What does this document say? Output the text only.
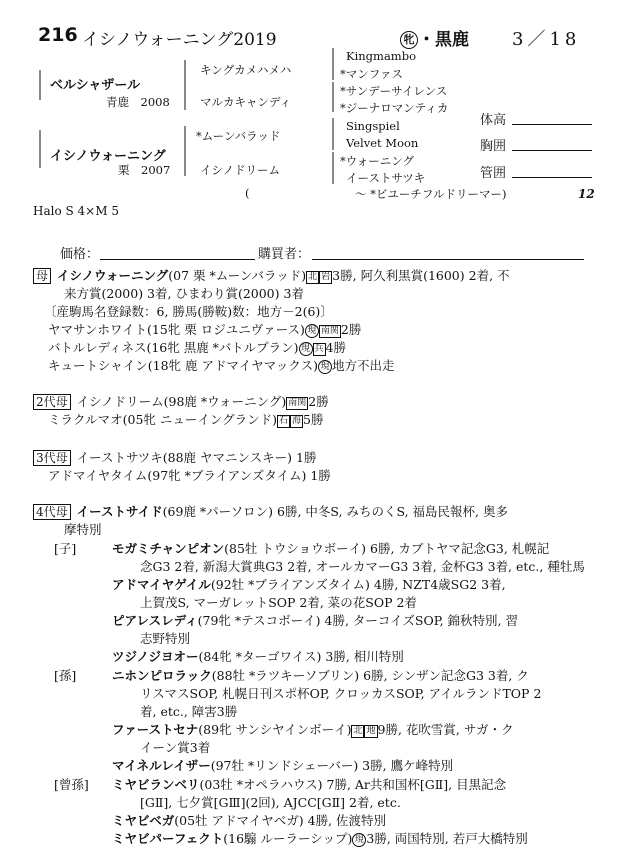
216 イシノウォーニング2019	牝 ・黒鹿 3／18
ベルシャザール
青鹿　 2008
イシノウォーニング
栗　 2007
キングカメハメハ
マルカキャンディ
*ムーンバラッド
イシノドリーム
Kingmambo
*マンファス
*サンデーサイレンス
*ジーナロマンティカ
Singspiel
Velvet Moon
*ウォーニング
イーストサツキ
(	～ *ビユーチフルドリーマー)	12
体高
胸囲
管囲
Halo S 4×M 5
価格：	購買者：
母 イシノウォーニング(07 栗 *ムーンバラッド) 北 岩 3勝, 阿久利黒賞(1600) 2着, 不
来方賞(2000) 3着, ひまわり賞(2000) 3着
〔産駒馬名登録数：6, 勝馬(勝鞍)数：地方－2(6)〕
ヤマサンホワイト(15牝 栗 ロジユニヴァース) 現 南関 2勝
バトルレディネス(16牝 黒鹿 *バトルプラン) 現 兵 4勝
キュートシャイン(18牝 鹿 アドマイヤマックス) 現 地方不出走
2代母 イシノドリーム(98鹿 *ウォーニング) 南関 2勝
ミラクルマオ(05牝 ニューイングランド) 石 海 5勝
3代母 イーストサツキ(88鹿 ヤマニンスキー) 1勝
アドマイヤタイム(97牝 *ブライアンズタイム) 1勝
4代母 イーストサイド(69鹿 *パーソロン) 6勝, 中冬S, みちのくS, 福島民報杯, 奥多
摩特別
[子]	モガミチャンピオン(85牡 トウショウボーイ) 6勝, カブトヤマ記念G3, 札幌記
念G3 2着, 新潟大賞典G3 2着, オールカマーG3 3着, 金杯G3 3着, etc., 種牡馬
アドマイヤゲイル(92牡 *ブライアンズタイム) 4勝, NZT4歳SG2 3着,
上賀茂S, マーガレットSOP 2着, 菜の花SOP 2着
ピアレスレディ(79牝 *テスコボーイ) 4勝, ターコイズSOP, 錦秋特別, 習
志野特別
ツジノジヨオー(84牝 *ターゴワイス) 3勝, 相川特別
[孫]	ニホンピロラック(88牡 *ラツキーソブリン) 6勝, シンザン記念G3 3着, ク
リスマスSOP, 札幌日刊スポ杯OP, クロッカスSOP, アイルランドTOP 2
着, etc., 障害3勝
ファーストセナ(89牝 サンシヤインボーイ) 北 地 9勝, 花吹雪賞, サガ・ク
イーン賞3着
マイネルレイザー(97牡 *リンドシェーバー) 3勝, 鷹ケ峰特別
[曾孫] ミヤビランベリ(03牡 *オペラハウス) 7勝, Ar共和国杯[GⅡ], 目黒記念
[GⅡ], 七夕賞[GⅢ](2回), AJCC[GⅡ] 2着, etc.
ミヤビベガ(05牡 アドマイヤベガ) 4勝, 佐渡特別
ミヤビパーフェクト(16騸 ルーラーシップ) 現 3勝, 両国特別, 若戸大橋特別
